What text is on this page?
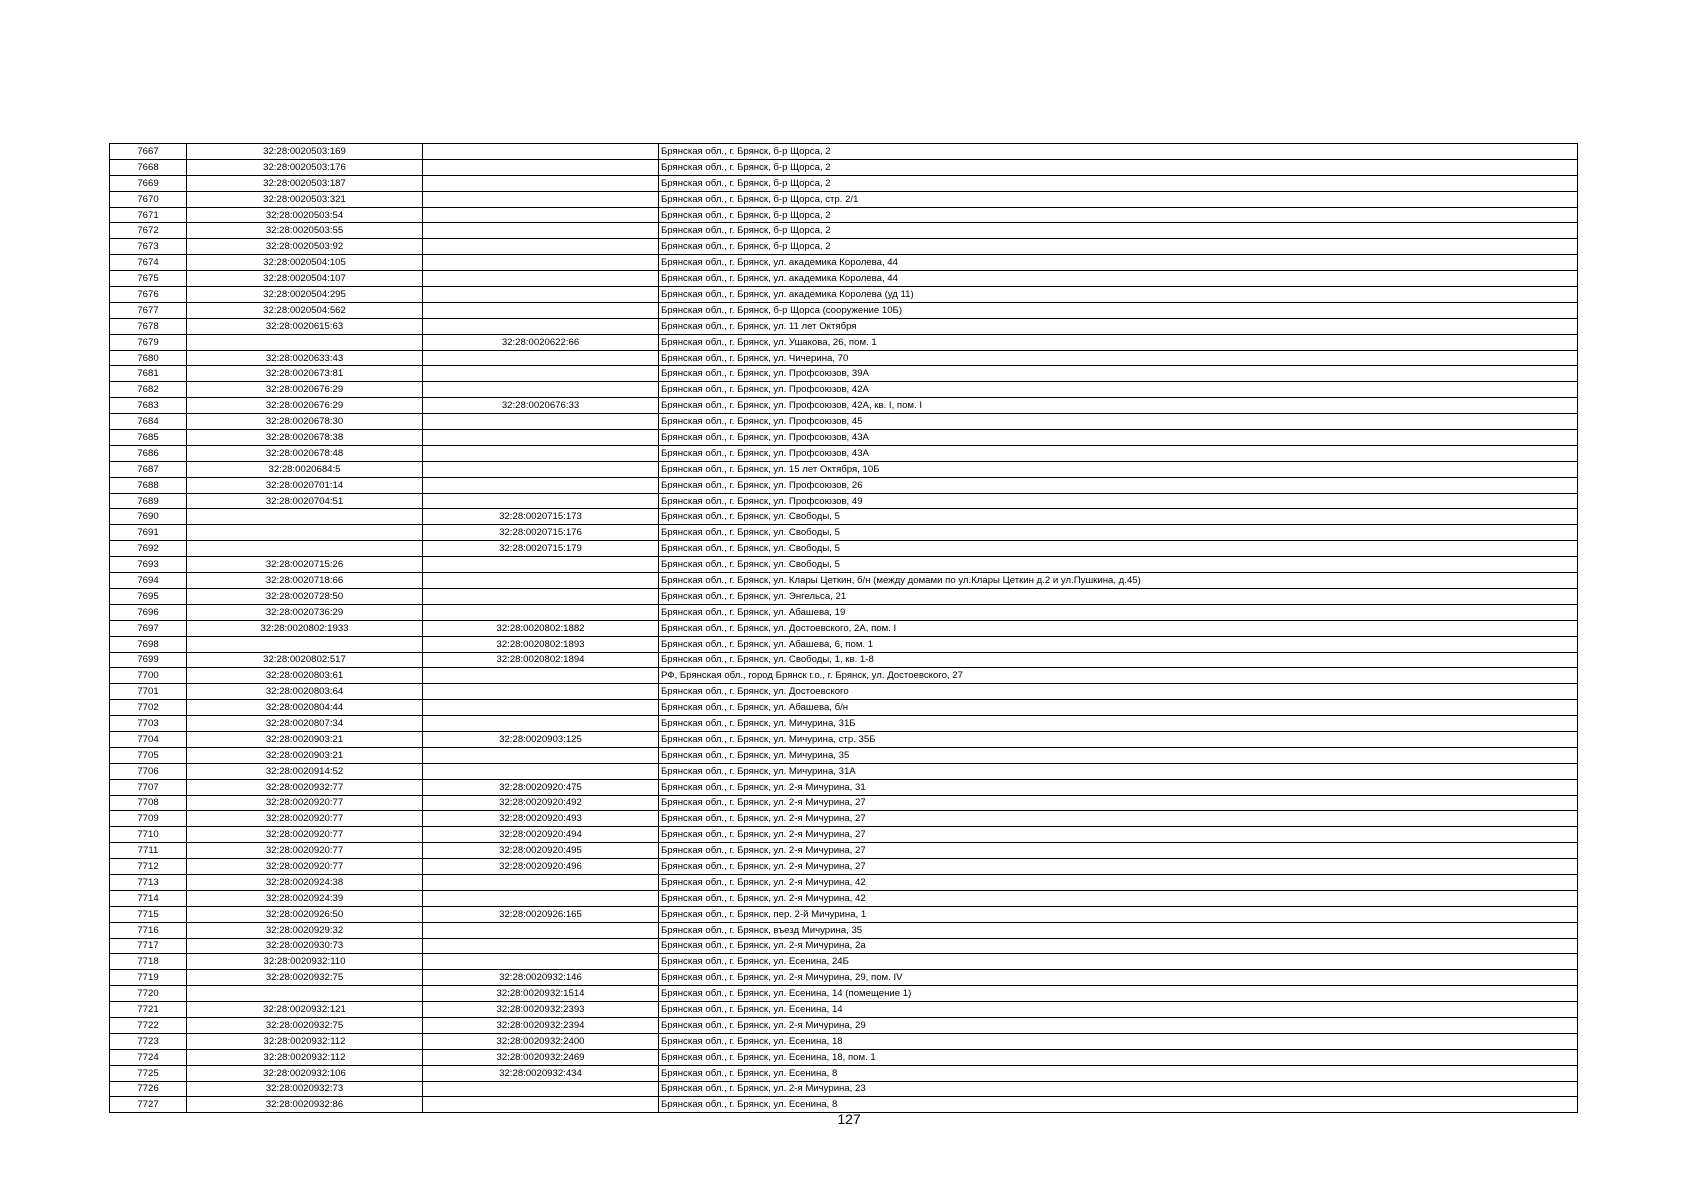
7667	32:28:0020503:169		Брянская обл., г. Брянск, б-р Щорса, 2
7668	32:28:0020503:176		Брянская обл., г. Брянск, б-р Щорса, 2
7669	32:28:0020503:187		Брянская обл., г. Брянск, б-р Щорса, 2
7670	32:28:0020503:321		Брянская обл., г. Брянск, б-р Щорса, стр. 2/1
7671	32:28:0020503:54		Брянская обл., г. Брянск, б-р Щорса, 2
7672	32:28:0020503:55		Брянская обл., г. Брянск, б-р Щорса, 2
7673	32:28:0020503:92		Брянская обл., г. Брянск, б-р Щорса, 2
7674	32:28:0020504:105		Брянская обл., г. Брянск, ул. академика Королева, 44
7675	32:28:0020504:107		Брянская обл., г. Брянск, ул. академика Королева, 44
7676	32:28:0020504:295		Брянская обл., г. Брянск, ул. академика Королева (уд 11)
7677	32:28:0020504:562		Брянская обл., г. Брянск, б-р Щорса (сооружение 10Б)
7678	32:28:0020615:63		Брянская обл., г. Брянск, ул. 11 лет Октября
7679		32:28:0020622:66	Брянская обл., г. Брянск, ул. Ушакова, 26, пом. 1
7680	32:28:0020633:43		Брянская обл., г. Брянск, ул. Чичерина, 70
7681	32:28:0020673:81		Брянская обл., г. Брянск, ул. Профсоюзов, 39А
7682	32:28:0020676:29		Брянская обл., г. Брянск, ул. Профсоюзов, 42А
7683	32:28:0020676:29	32:28:0020676:33	Брянская обл., г. Брянск, ул. Профсоюзов, 42А, кв. I, пом. I
7684	32:28:0020678:30		Брянская обл., г. Брянск, ул. Профсоюзов, 45
7685	32:28:0020678:38		Брянская обл., г. Брянск, ул. Профсоюзов, 43А
7686	32:28:0020678:48		Брянская обл., г. Брянск, ул. Профсоюзов, 43А
7687	32:28:0020684:5		Брянская обл., г. Брянск, ул. 15 лет Октября, 10Б
7688	32:28:0020701:14		Брянская обл., г. Брянск, ул. Профсоюзов, 26
7689	32:28:0020704:51		Брянская обл., г. Брянск, ул. Профсоюзов, 49
7690		32:28:0020715:173	Брянская обл., г. Брянск, ул. Свободы, 5
7691		32:28:0020715:176	Брянская обл., г. Брянск, ул. Свободы, 5
7692		32:28:0020715:179	Брянская обл., г. Брянск, ул. Свободы, 5
7693	32:28:0020715:26		Брянская обл., г. Брянск, ул. Свободы, 5
7694	32:28:0020718:66		Брянская обл., г. Брянск, ул. Клары Цеткин, б/н (между домами по ул.Клары Цеткин д.2 и ул.Пушкина, д.45)
7695	32:28:0020728:50		Брянская обл., г. Брянск, ул. Энгельса, 21
7696	32:28:0020736:29		Брянская обл., г. Брянск, ул. Абашева, 19
7697	32:28:0020802:1933	32:28:0020802:1882	Брянская обл., г. Брянск, ул. Достоевского, 2А, пом. I
7698		32:28:0020802:1893	Брянская обл., г. Брянск, ул. Абашева, 6, пом. 1
7699	32:28:0020802:517	32:28:0020802:1894	Брянская обл., г. Брянск, ул. Свободы, 1, кв. 1-8
7700	32:28:0020803:61		РФ, Брянская обл., город Брянск г.о., г. Брянск, ул. Достоевского, 27
7701	32:28:0020803:64		Брянская обл., г. Брянск, ул. Достоевского
7702	32:28:0020804:44		Брянская обл., г. Брянск, ул. Абашева, б/н
7703	32:28:0020807:34		Брянская обл., г. Брянск, ул. Мичурина, 31Б
7704	32:28:0020903:21	32:28:0020903:125	Брянская обл., г. Брянск, ул. Мичурина, стр. 35Б
7705	32:28:0020903:21		Брянская обл., г. Брянск, ул. Мичурина, 35
7706	32:28:0020914:52		Брянская обл., г. Брянск, ул. Мичурина, 31А
7707	32:28:0020932:77	32:28:0020920:475	Брянская обл., г. Брянск, ул. 2-я Мичурина, 31
7708	32:28:0020920:77	32:28:0020920:492	Брянская обл., г. Брянск, ул. 2-я Мичурина, 27
7709	32:28:0020920:77	32:28:0020920:493	Брянская обл., г. Брянск, ул. 2-я Мичурина, 27
7710	32:28:0020920:77	32:28:0020920:494	Брянская обл., г. Брянск, ул. 2-я Мичурина, 27
7711	32:28:0020920:77	32:28:0020920:495	Брянская обл., г. Брянск, ул. 2-я Мичурина, 27
7712	32:28:0020920:77	32:28:0020920:496	Брянская обл., г. Брянск, ул. 2-я Мичурина, 27
7713	32:28:0020924:38		Брянская обл., г. Брянск, ул. 2-я Мичурина, 42
7714	32:28:0020924:39		Брянская обл., г. Брянск, ул. 2-я Мичурина, 42
7715	32:28:0020926:50	32:28:0020926:165	Брянская обл., г. Брянск, пер. 2-й Мичурина, 1
7716	32:28:0020929:32		Брянская обл., г. Брянск, въезд Мичурина, 35
7717	32:28:0020930:73		Брянская обл., г. Брянск, ул. 2-я Мичурина, 2а
7718	32:28:0020932:110		Брянская обл., г. Брянск, ул. Есенина, 24Б
7719	32:28:0020932:75	32:28:0020932:146	Брянская обл., г. Брянск, ул. 2-я Мичурина, 29, пом. IV
7720		32:28:0020932:1514	Брянская обл., г. Брянск, ул. Есенина, 14 (помещение 1)
7721	32:28:0020932:121	32:28:0020932:2393	Брянская обл., г. Брянск, ул. Есенина, 14
7722	32:28:0020932:75	32:28:0020932:2394	Брянская обл., г. Брянск, ул. 2-я Мичурина, 29
7723	32:28:0020932:112	32:28:0020932:2400	Брянская обл., г. Брянск, ул. Есенина, 18
7724	32:28:0020932:112	32:28:0020932:2469	Брянская обл., г. Брянск, ул. Есенина, 18, пом. 1
7725	32:28:0020932:106	32:28:0020932:434	Брянская обл., г. Брянск, ул. Есенина, 8
7726	32:28:0020932:73		Брянская обл., г. Брянск, ул. 2-я Мичурина, 23
7727	32:28:0020932:86		Брянская обл., г. Брянск, ул. Есенина, 8
127
